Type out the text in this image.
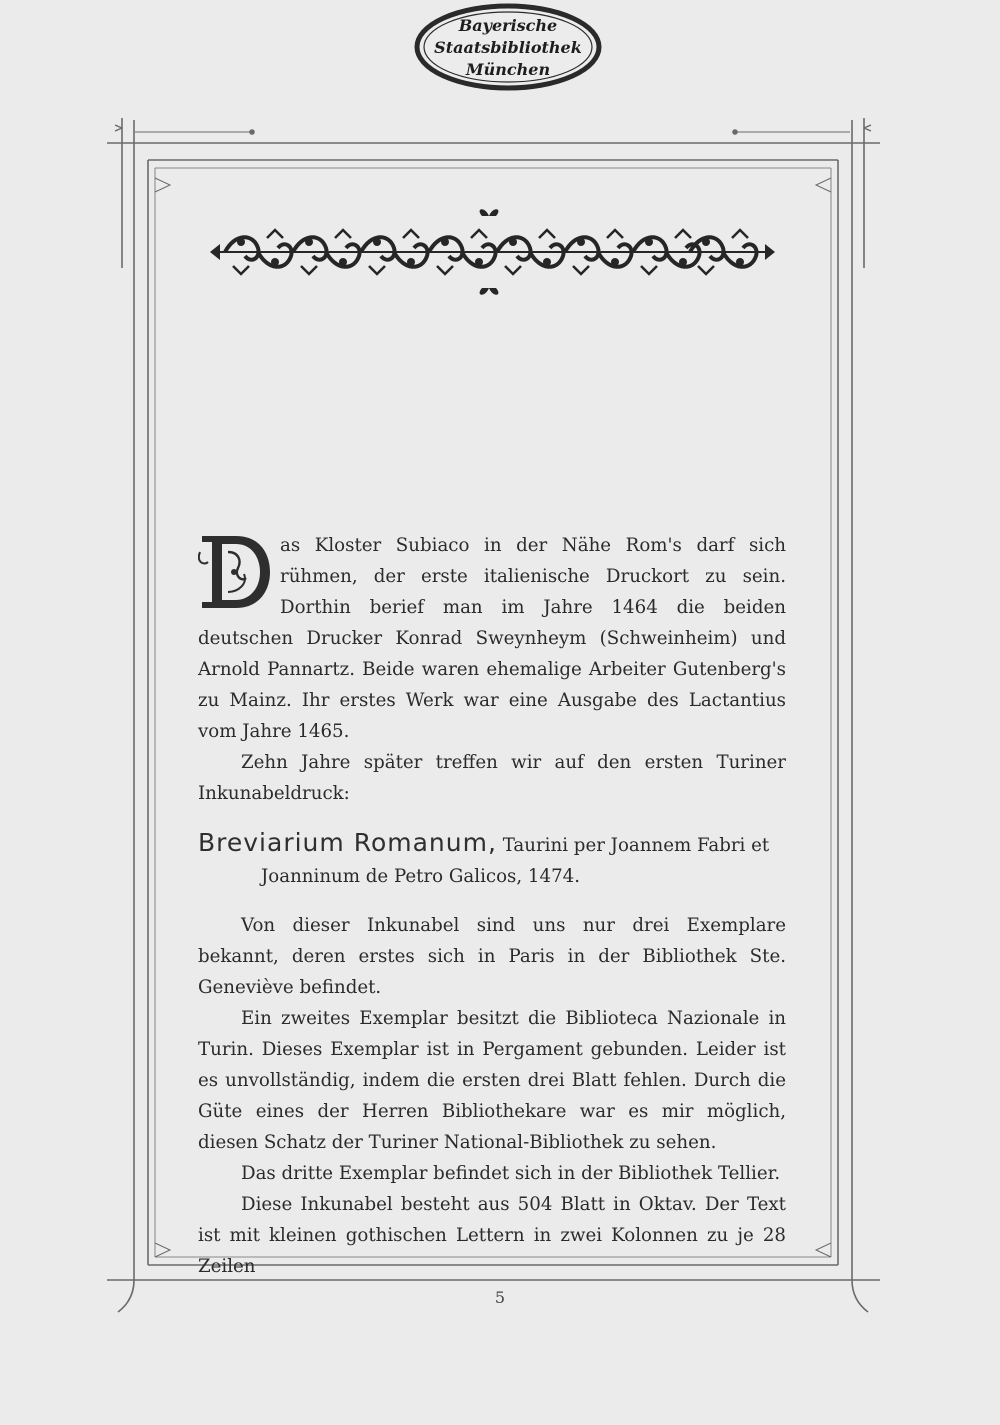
Bayerische
Staatsbibliothek
München
D

as Kloster Subiaco in der Nähe Rom's darf sich rühmen, der erste italienische Druckort zu sein. Dorthin berief man im Jahre 1464 die beiden deutschen Drucker Konrad Sweynheym (Schweinheim) und Arnold Pannartz. Beide waren ehemalige Arbeiter Gutenberg's zu Mainz. Ihr erstes Werk war eine Ausgabe des Lactantius vom Jahre 1465.

Zehn Jahre später treffen wir auf den ersten Turiner Inkunabeldruck:

Breviarium Romanum, Taurini per Joannem Fabri et

Joanninum de Petro Galicos, 1474.

Von dieser Inkunabel sind uns nur drei Exemplare bekannt, deren erstes sich in Paris in der Bibliothek Ste. Geneviève befindet.

Ein zweites Exemplar besitzt die Biblioteca Nazionale in Turin. Dieses Exemplar ist in Pergament gebunden. Leider ist es unvollständig, indem die ersten drei Blatt fehlen. Durch die Güte eines der Herren Bibliothekare war es mir möglich, diesen Schatz der Turiner National-Bibliothek zu sehen.

Das dritte Exemplar befindet sich in der Bibliothek Tellier.

Diese Inkunabel besteht aus 504 Blatt in Oktav. Der Text ist mit kleinen gothischen Lettern in zwei Kolonnen zu je 28 Zeilen

5
